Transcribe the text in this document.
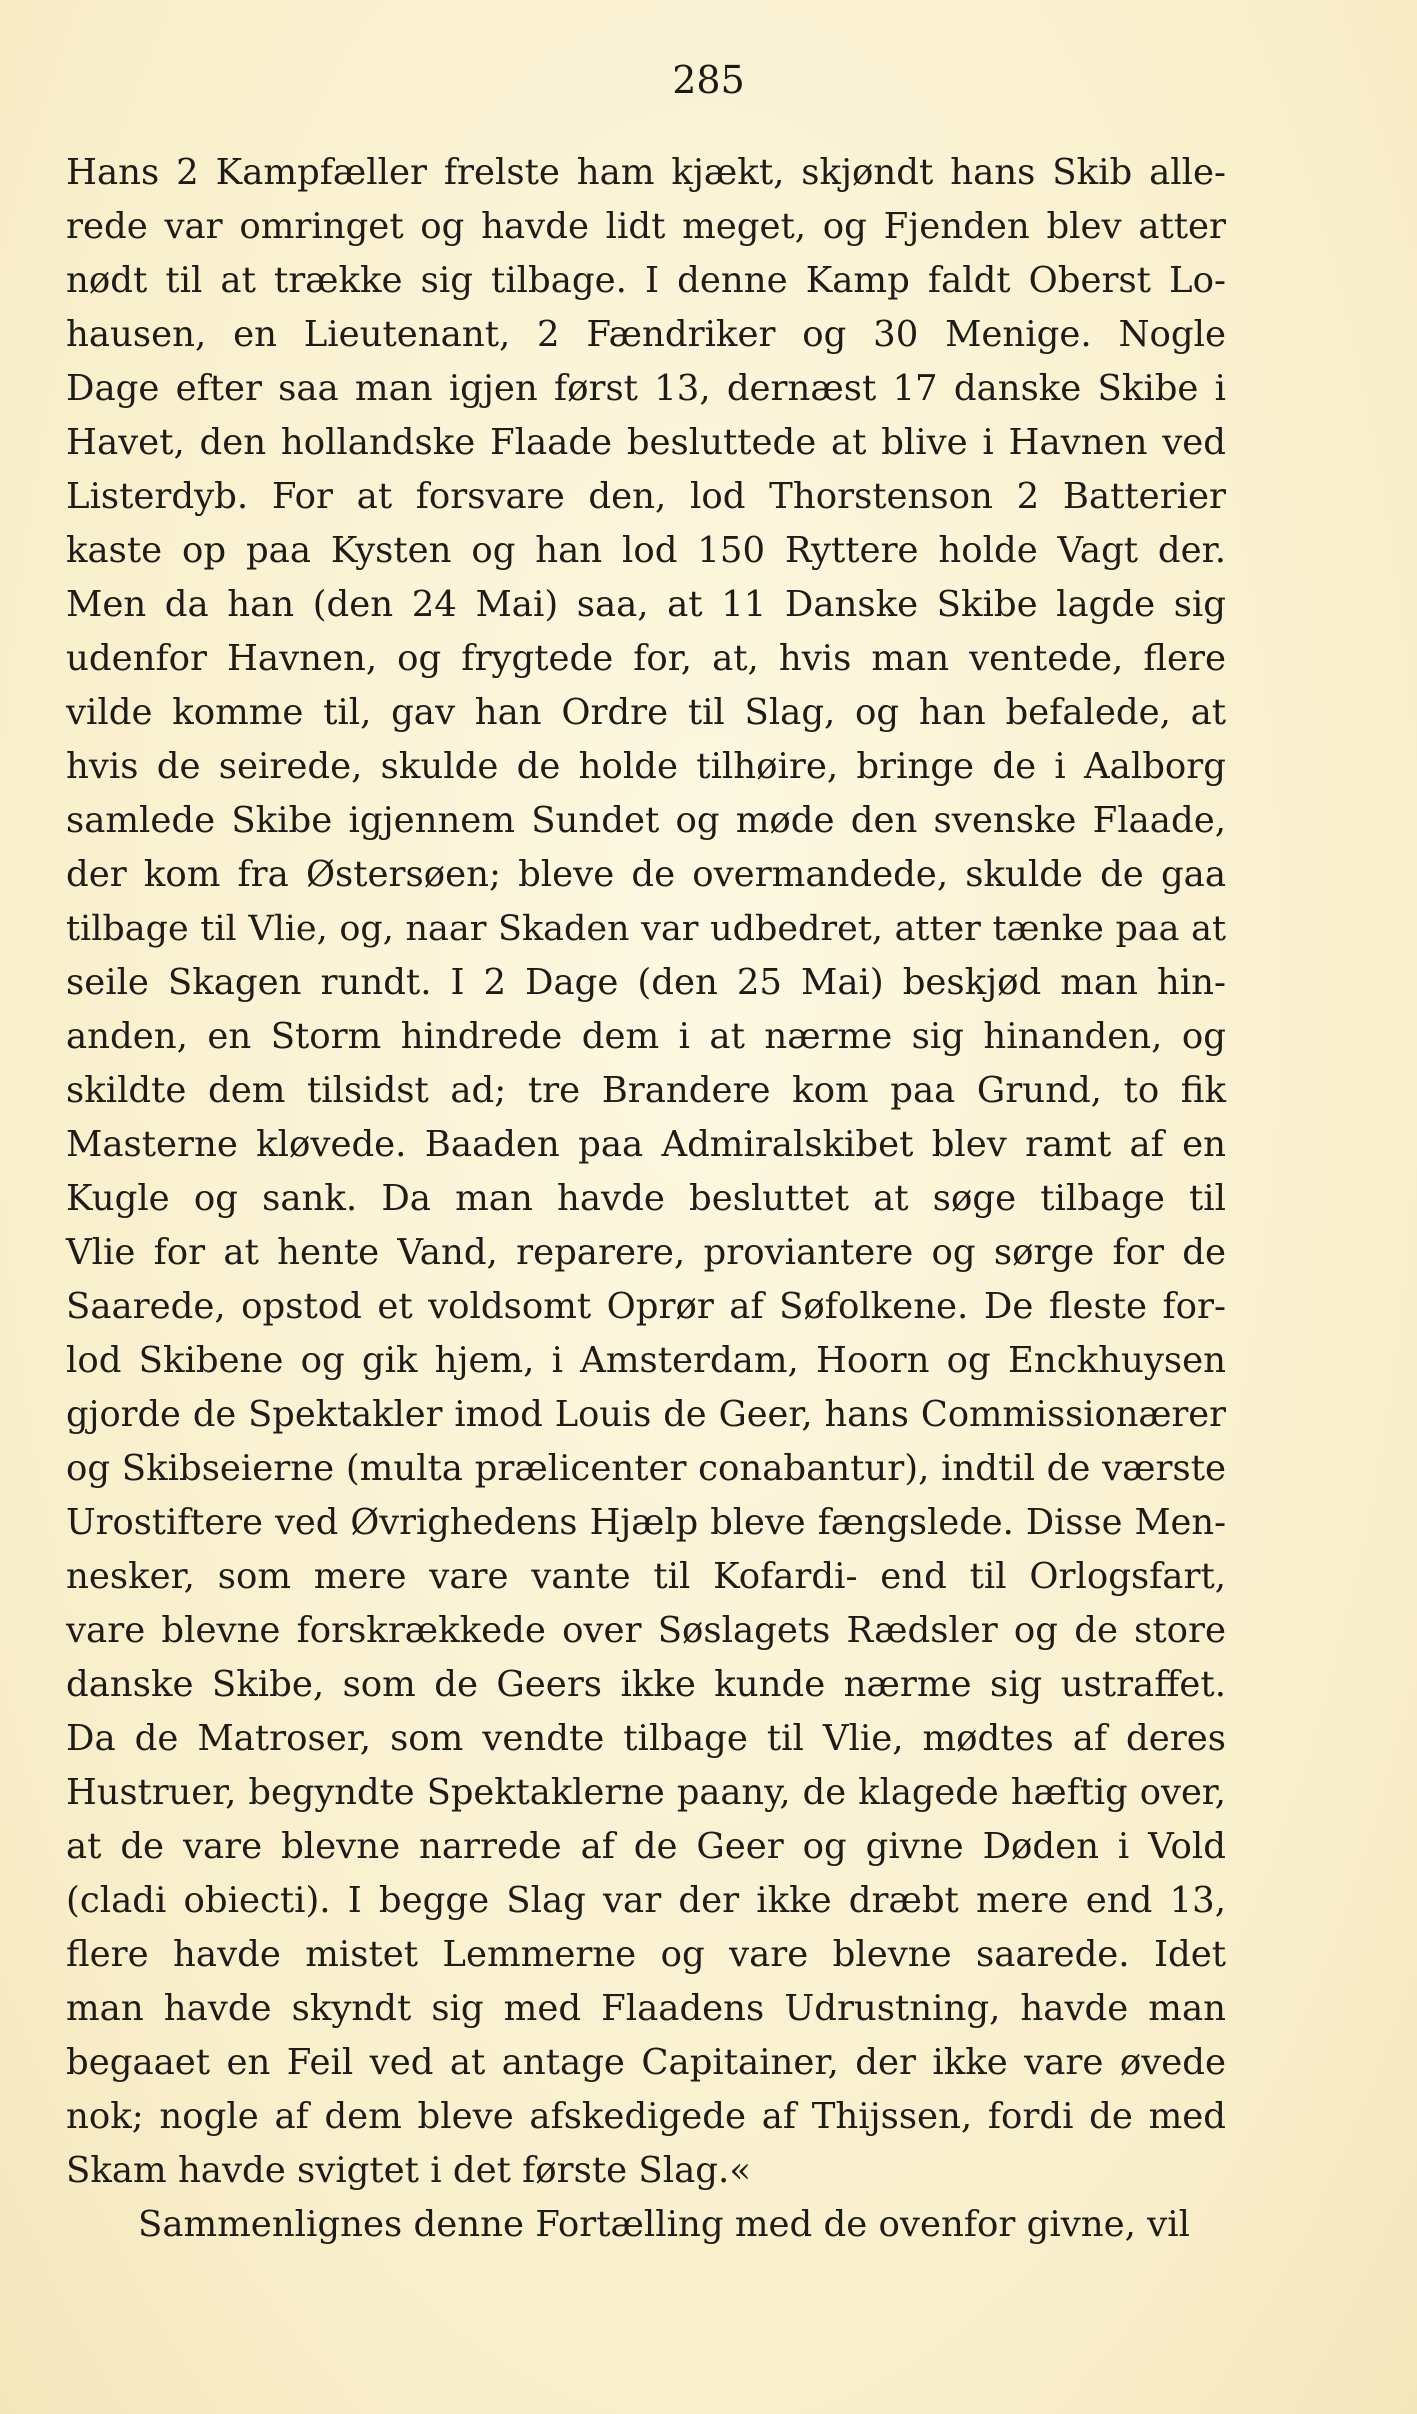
285
Hans 2 Kampfæller frelste ham kjækt, skjøndt hans Skib alle-
rede var omringet og havde lidt meget, og Fjenden blev atter
nødt til at trække sig tilbage. I denne Kamp faldt Oberst Lo-
hausen, en Lieutenant, 2 Fændriker og 30 Menige. Nogle
Dage efter saa man igjen først 13, dernæst 17 danske Skibe i
Havet, den hollandske Flaade besluttede at blive i Havnen ved
Listerdyb. For at forsvare den, lod Thorstenson 2 Batterier
kaste op paa Kysten og han lod 150 Ryttere holde Vagt der.
Men da han (den 24 Mai) saa, at 11 Danske Skibe lagde sig
udenfor Havnen, og frygtede for, at, hvis man ventede, flere
vilde komme til, gav han Ordre til Slag, og han befalede, at
hvis de seirede, skulde de holde tilhøire, bringe de i Aalborg
samlede Skibe igjennem Sundet og møde den svenske Flaade,
der kom fra Østersøen; bleve de overmandede, skulde de gaa
tilbage til Vlie, og, naar Skaden var udbedret, atter tænke paa at
seile Skagen rundt. I 2 Dage (den 25 Mai) beskjød man hin-
anden, en Storm hindrede dem i at nærme sig hinanden, og
skildte dem tilsidst ad; tre Brandere kom paa Grund, to fik
Masterne kløvede. Baaden paa Admiralskibet blev ramt af en
Kugle og sank. Da man havde besluttet at søge tilbage til
Vlie for at hente Vand, reparere, proviantere og sørge for de
Saarede, opstod et voldsomt Oprør af Søfolkene. De fleste for-
lod Skibene og gik hjem, i Amsterdam, Hoorn og Enckhuysen
gjorde de Spektakler imod Louis de Geer, hans Commissionærer
og Skibseierne (multa prælicenter conabantur), indtil de værste
Urostiftere ved Øvrighedens Hjælp bleve fængslede. Disse Men-
nesker, som mere vare vante til Kofardi- end til Orlogsfart,
vare blevne forskrækkede over Søslagets Rædsler og de store
danske Skibe, som de Geers ikke kunde nærme sig ustraffet.
Da de Matroser, som vendte tilbage til Vlie, mødtes af deres
Hustruer, begyndte Spektaklerne paany, de klagede hæftig over,
at de vare blevne narrede af de Geer og givne Døden i Vold
(cladi obiecti). I begge Slag var der ikke dræbt mere end 13,
flere havde mistet Lemmerne og vare blevne saarede. Idet
man havde skyndt sig med Flaadens Udrustning, havde man
begaaet en Feil ved at antage Capitainer, der ikke vare øvede
nok; nogle af dem bleve afskedigede af Thijssen, fordi de med
Skam havde svigtet i det første Slag.«
Sammenlignes denne Fortælling med de ovenfor givne, vil
